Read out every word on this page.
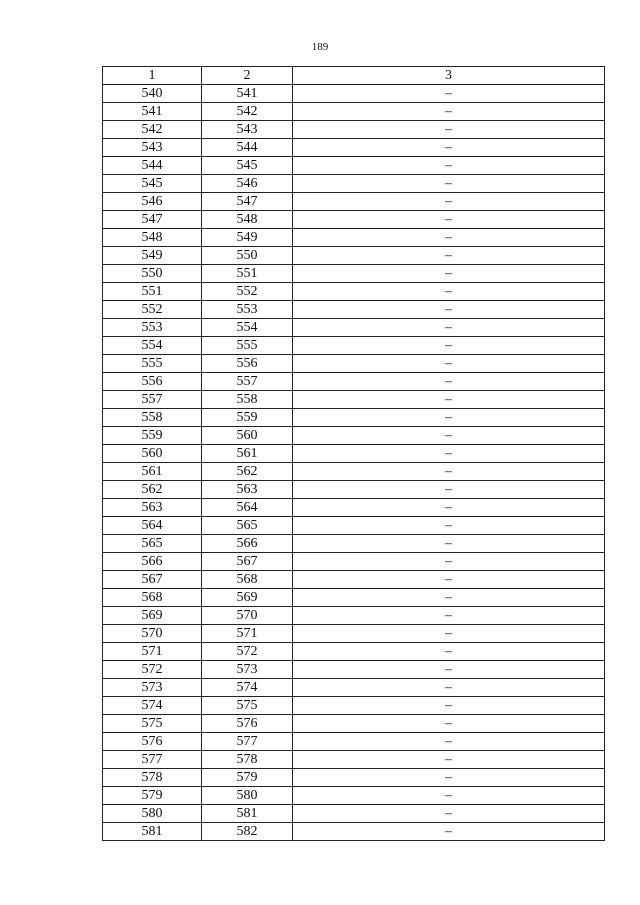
189
1	2	3
540	541	–
541	542	–
542	543	–
543	544	–
544	545	–
545	546	–
546	547	–
547	548	–
548	549	–
549	550	–
550	551	–
551	552	–
552	553	–
553	554	–
554	555	–
555	556	–
556	557	–
557	558	–
558	559	–
559	560	–
560	561	–
561	562	–
562	563	–
563	564	–
564	565	–
565	566	–
566	567	–
567	568	–
568	569	–
569	570	–
570	571	–
571	572	–
572	573	–
573	574	–
574	575	–
575	576	–
576	577	–
577	578	–
578	579	–
579	580	–
580	581	–
581	582	–
